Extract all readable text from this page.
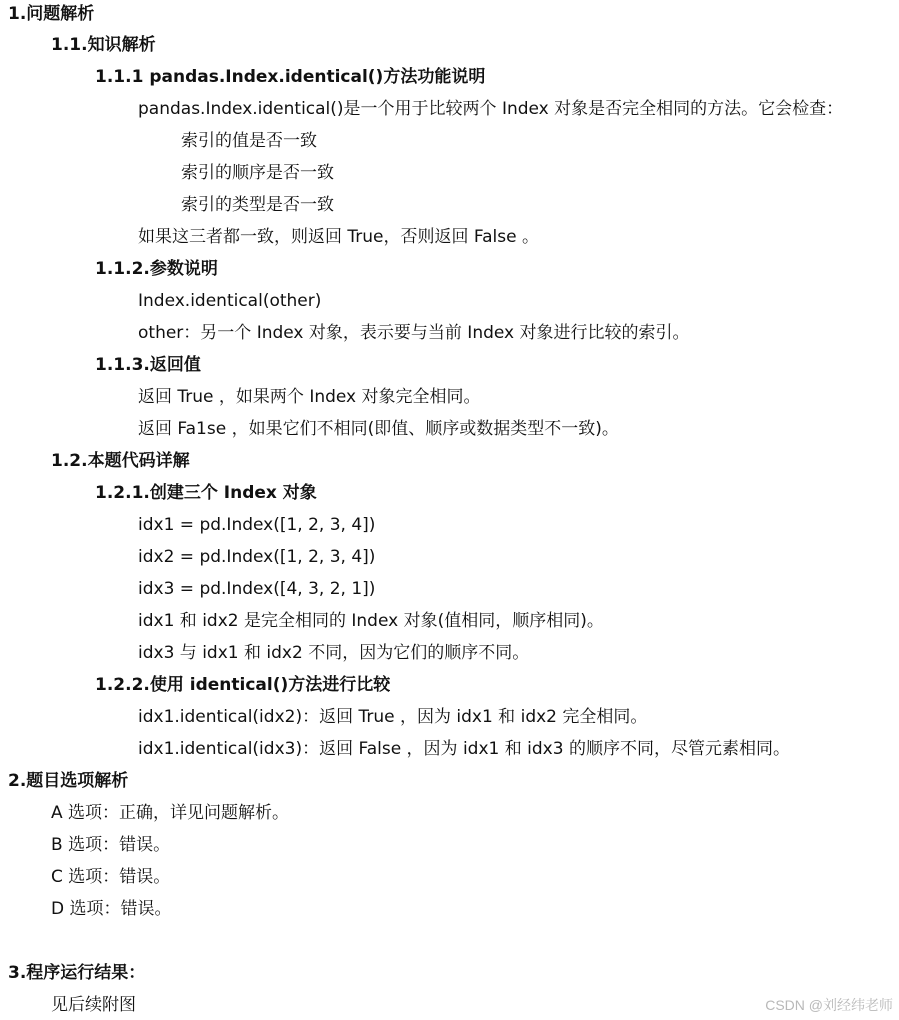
1.问题解析
1.1.知识解析
1.1.1 pandas.Index.identical()方法功能说明
pandas.Index.identical()是一个用于比较两个 Index 对象是否完全相同的方法。它会检查：
索引的值是否一致
索引的顺序是否一致
索引的类型是否一致
如果这三者都一致，则返回 True，否则返回 False 。
1.1.2.参数说明
Index.identical(other)
other：另一个 Index 对象，表示要与当前 Index 对象进行比较的索引。
1.1.3.返回值
返回 True ，如果两个 Index 对象完全相同。
返回 Fa1se ，如果它们不相同(即值、顺序或数据类型不一致)。
1.2.本题代码详解
1.2.1.创建三个 Index 对象
idx1 = pd.Index([1, 2, 3, 4])
idx2 = pd.Index([1, 2, 3, 4])
idx3 = pd.Index([4, 3, 2, 1])
idx1 和 idx2 是完全相同的 Index 对象(值相同，顺序相同)。
idx3 与 idx1 和 idx2 不同，因为它们的顺序不同。
1.2.2.使用 identical()方法进行比较
idx1.identical(idx2)：返回 True ，因为 idx1 和 idx2 完全相同。
idx1.identical(idx3)：返回 False ，因为 idx1 和 idx3 的顺序不同，尽管元素相同。
2.题目选项解析
A 选项：正确，详见问题解析。
B 选项：错误。
C 选项：错误。
D 选项：错误。
3.程序运行结果：
见后续附图	CSDN @刘经纬老师
